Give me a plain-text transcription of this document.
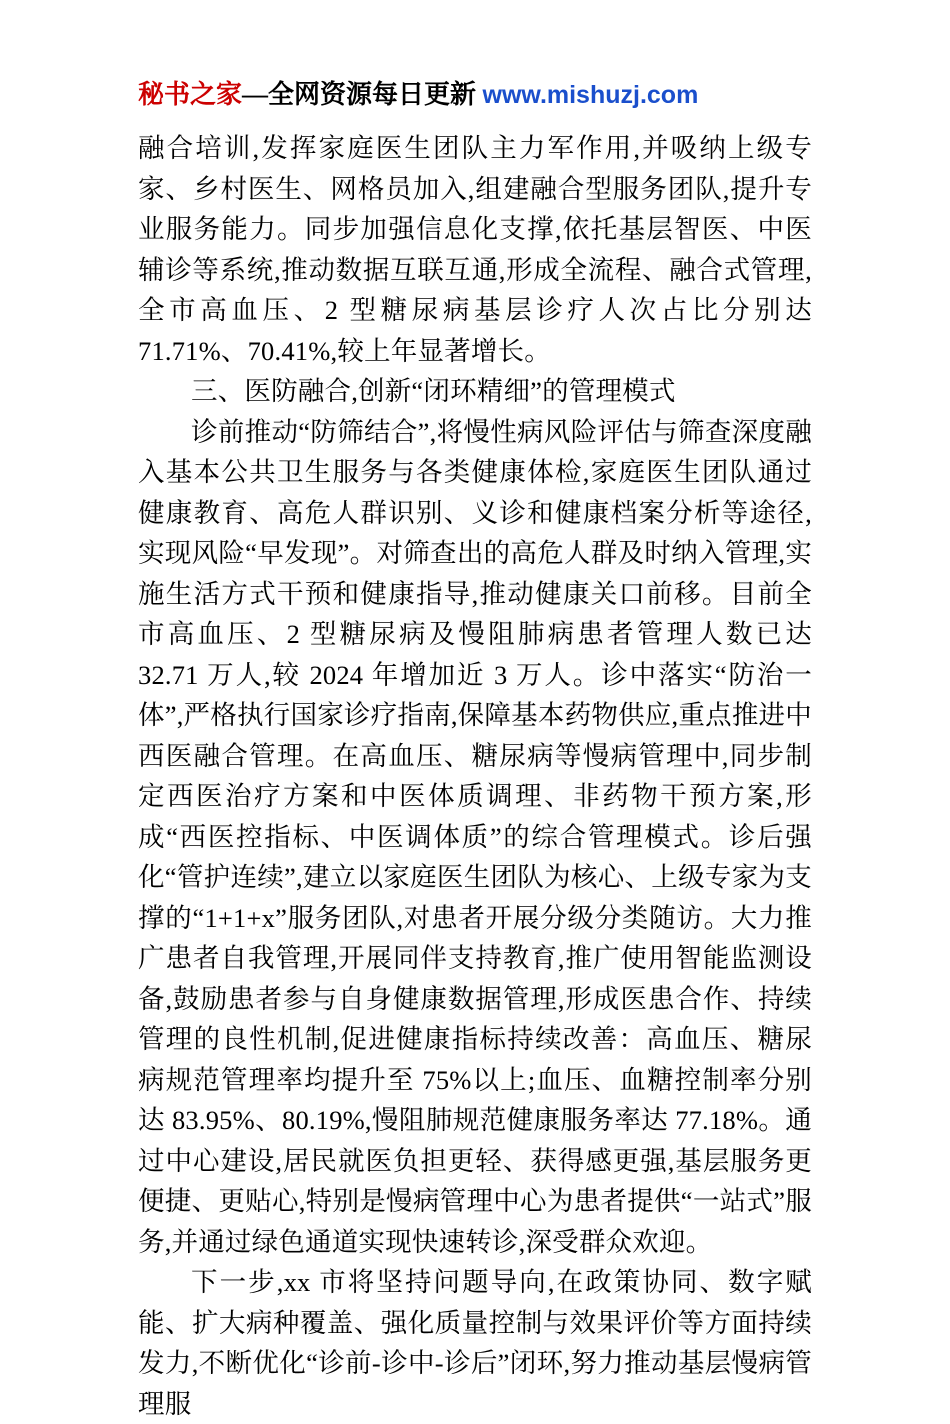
秘书之家—全网资源每日更新 www.mishuzj.com

融合培训,发挥家庭医生团队主力军作用,并吸纳上级专家、乡村医生、网格员加入,组建融合型服务团队,提升专业服务能力。同步加强信息化支撑,依托基层智医、中医辅诊等系统,推动数据互联互通,形成全流程、融合式管理,全市高血压、2 型糖尿病基层诊疗人次占比分别达 71.71%、70.41%,较上年显著增长。

三、医防融合,创新“闭环精细”的管理模式

诊前推动“防筛结合”,将慢性病风险评估与筛查深度融入基本公共卫生服务与各类健康体检,家庭医生团队通过健康教育、高危人群识别、义诊和健康档案分析等途径,实现风险“早发现”。对筛查出的高危人群及时纳入管理,实施生活方式干预和健康指导,推动健康关口前移。目前全市高血压、2 型糖尿病及慢阻肺病患者管理人数已达 32.71 万人,较 2024 年增加近 3 万人。诊中落实“防治一体”,严格执行国家诊疗指南,保障基本药物供应,重点推进中西医融合管理。在高血压、糖尿病等慢病管理中,同步制定西医治疗方案和中医体质调理、非药物干预方案,形成“西医控指标、中医调体质”的综合管理模式。诊后强化“管护连续”,建立以家庭医生团队为核心、上级专家为支撑的“1+1+x”服务团队,对患者开展分级分类随访。大力推广患者自我管理,开展同伴支持教育,推广使用智能监测设备,鼓励患者参与自身健康数据管理,形成医患合作、持续管理的良性机制,促进健康指标持续改善：高血压、糖尿病规范管理率均提升至 75%以上;血压、血糖控制率分别达 83.95%、80.19%,慢阻肺规范健康服务率达 77.18%。通过中心建设,居民就医负担更轻、获得感更强,基层服务更便捷、更贴心,特别是慢病管理中心为患者提供“一站式”服务,并通过绿色通道实现快速转诊,深受群众欢迎。

下一步,xx 市将坚持问题导向,在政策协同、数字赋能、扩大病种覆盖、强化质量控制与效果评价等方面持续发力,不断优化“诊前-诊中-诊后”闭环,努力推动基层慢病管理服
